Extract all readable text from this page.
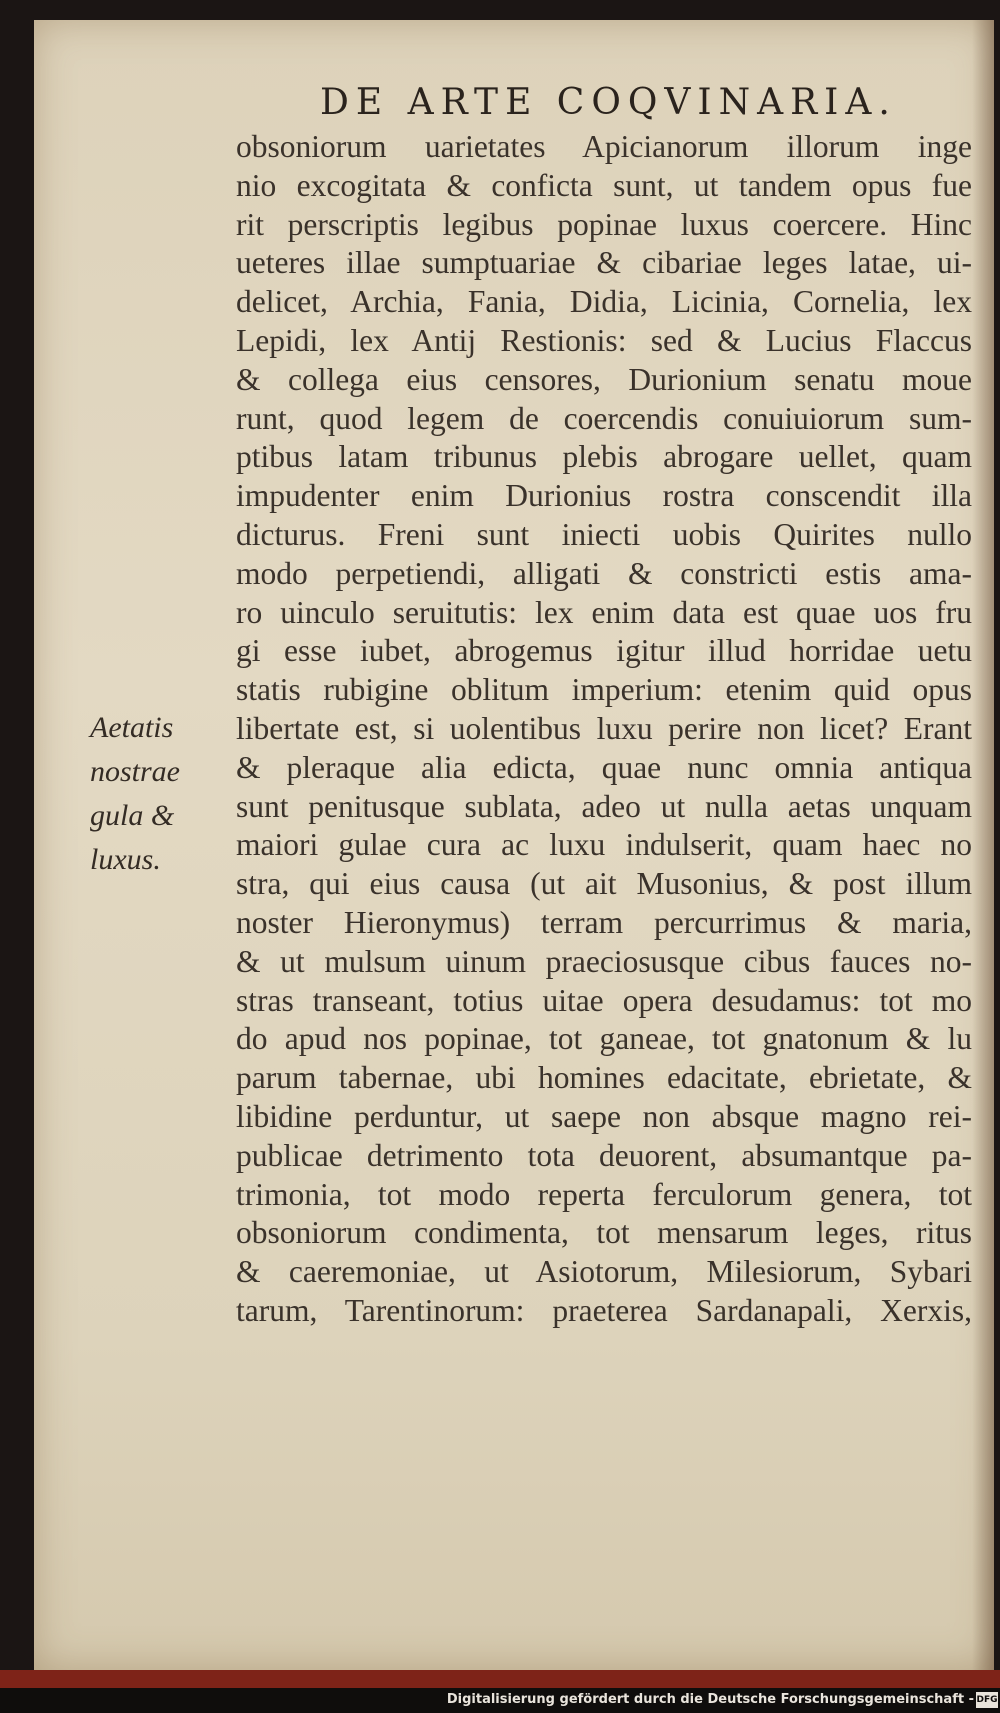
DE ARTE COQVINARIA.
obsoniorum uarietates Apicianorum illorum inge
nio excogitata & conficta sunt, ut tandem opus fue
rit perscriptis legibus popinae luxus coercere. Hinc
ueteres illae sumptuariae & cibariae leges latae, ui-
delicet, Archia, Fania, Didia, Licinia, Cornelia, lex
Lepidi, lex Antij Restionis: sed & Lucius Flaccus
& collega eius censores, Durionium senatu moue
runt, quod legem de coercendis conuiuiorum sum-
ptibus latam tribunus plebis abrogare uellet, quam
impudenter enim Durionius rostra conscendit illa
dicturus. Freni sunt iniecti uobis Quirites nullo
modo perpetiendi, alligati & constricti estis ama-
ro uinculo seruitutis: lex enim data est quae uos fru
gi esse iubet, abrogemus igitur illud horridae uetu
statis rubigine oblitum imperium: etenim quid opus
libertate est, si uolentibus luxu perire non licet? Erant
& pleraque alia edicta, quae nunc omnia antiqua
sunt penitusque sublata, adeo ut nulla aetas unquam
maiori gulae cura ac luxu indulserit, quam haec no
stra, qui eius causa (ut ait Musonius, & post illum
noster Hieronymus) terram percurrimus & maria,
& ut mulsum uinum praeciosusque cibus fauces no-
stras transeant, totius uitae opera desudamus: tot mo
do apud nos popinae, tot ganeae, tot gnatonum & lu
parum tabernae, ubi homines edacitate, ebrietate, &
libidine perduntur, ut saepe non absque magno rei-
publicae detrimento tota deuorent, absumantque pa-
trimonia, tot modo reperta ferculorum genera, tot
obsoniorum condimenta, tot mensarum leges, ritus
& caeremoniae, ut Asiotorum, Milesiorum, Sybari
tarum, Tarentinorum: praeterea Sardanapali, Xerxis,
Aetatis
nostrae
gula &
luxus.
Digitalisierung gefördert durch die Deutsche Forschungsgemeinschaft - DFG
